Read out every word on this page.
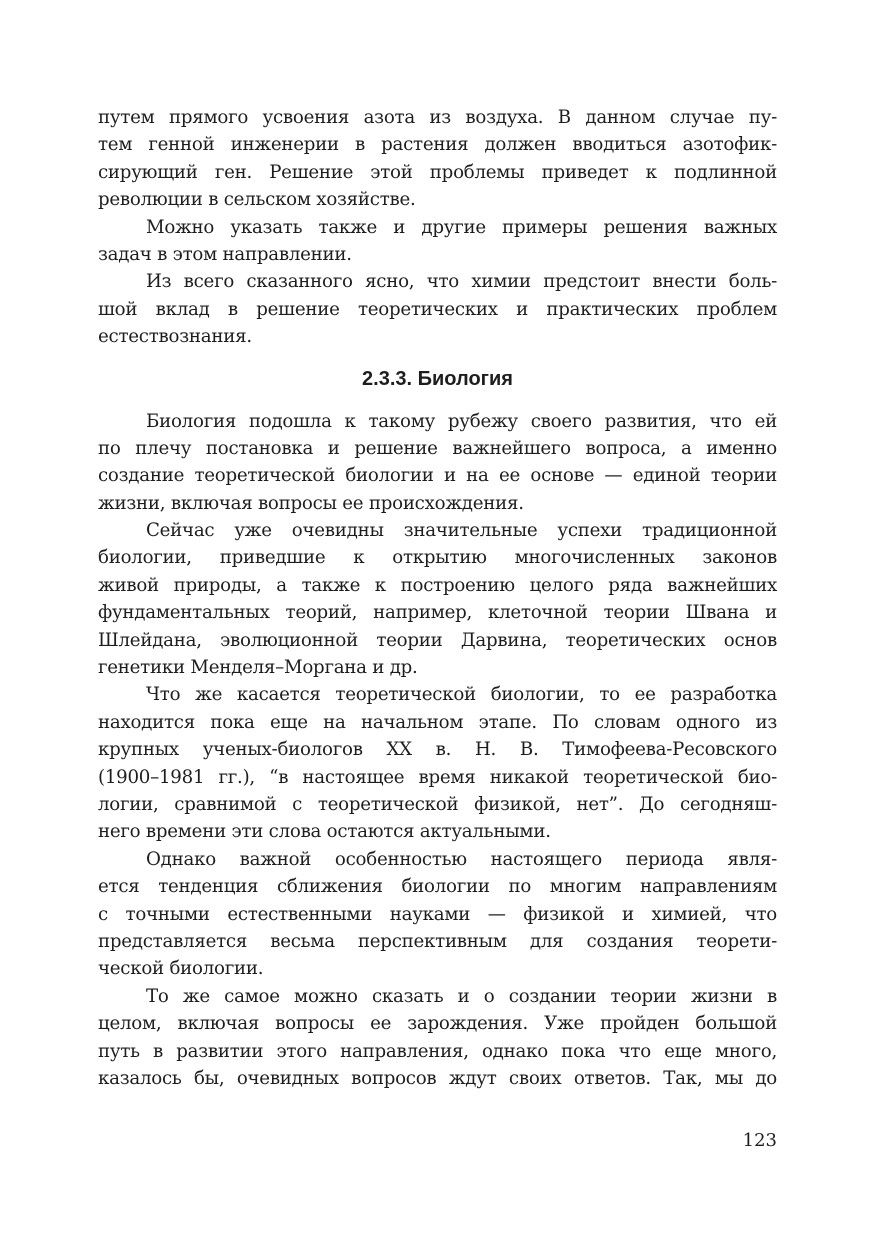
путем прямого усвоения азота из воздуха. В данном случае пу-
тем генной инженерии в растения должен вводиться азотофик-
сирующий ген. Решение этой проблемы приведет к подлинной
революции в сельском хозяйстве.
Можно указать также и другие примеры решения важных
задач в этом направлении.
Из всего сказанного ясно, что химии предстоит внести боль-
шой вклад в решение теоретических и практических проблем
естествознания.
2.3.3. Биология
Биология подошла к такому рубежу своего развития, что ей
по плечу постановка и решение важнейшего вопроса, а именно
создание теоретической биологии и на ее основе — единой теории
жизни, включая вопросы ее происхождения.
Сейчас уже очевидны значительные успехи традиционной
биологии, приведшие к открытию многочисленных законов
живой природы, а также к построению целого ряда важнейших
фундаментальных теорий, например, клеточной теории Швана и
Шлейдана, эволюционной теории Дарвина, теоретических основ
генетики Менделя–Моргана и др.
Что же касается теоретической биологии, то ее разработка
находится пока еще на начальном этапе. По словам одного из
крупных ученых-биологов XX в. Н. В. Тимофеева-Ресовского
(1900–1981 гг.), “в настоящее время никакой теоретической био-
логии, сравнимой с теоретической физикой, нет”. До сегодняш-
него времени эти слова остаются актуальными.
Однако важной особенностью настоящего периода явля-
ется тенденция сближения биологии по многим направлениям
с точными естественными науками — физикой и химией, что
представляется весьма перспективным для создания теорети-
ческой биологии.
То же самое можно сказать и о создании теории жизни в
целом, включая вопросы ее зарождения. Уже пройден большой
путь в развитии этого направления, однако пока что еще много,
казалось бы, очевидных вопросов ждут своих ответов. Так, мы до
123
